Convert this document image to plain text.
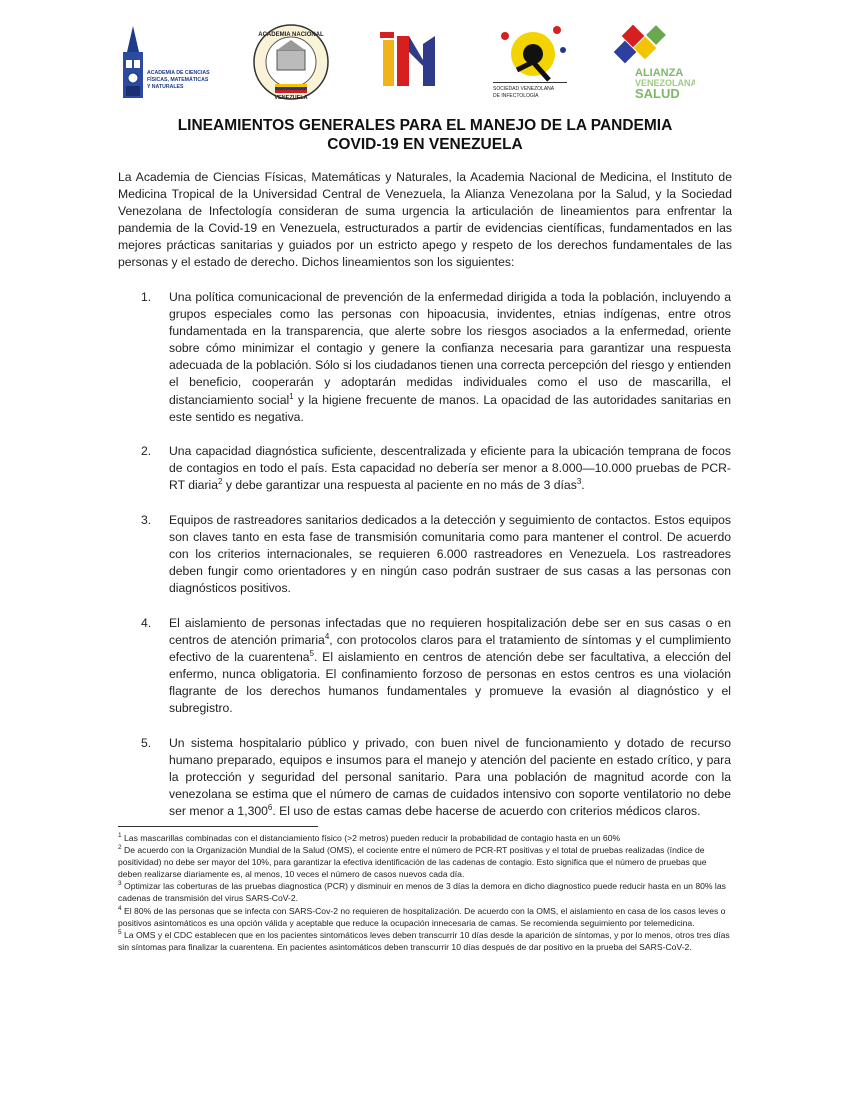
ACADEMIA DE CIENCIAS
FÍSICAS, MATEMÁTICAS
Y NATURALES
ACADEMIA NACIONAL
VENEZUELA
SOCIEDAD VENEZOLANA
DE INFECTOLOGÍA
ALIANZA
VENEZOLANA
SALUD
LINEAMIENTOS GENERALES PARA EL MANEJO DE LA PANDEMIA
COVID-19 EN VENEZUELA

La Academia de Ciencias Físicas, Matemáticas y Naturales, la Academia Nacional de Medicina, el Instituto de Medicina Tropical de la Universidad Central de Venezuela, la Alianza Venezolana por la Salud, y la Sociedad Venezolana de Infectología consideran de suma urgencia la articulación de lineamientos para enfrentar la pandemia de la Covid-19 en Venezuela, estructurados a partir de evidencias científicas, fundamentados en las mejores prácticas sanitarias y guiados por un estricto apego y respeto de los derechos fundamentales de las personas y el estado de derecho. Dichos lineamientos son los siguientes:

1. Una política comunicacional de prevención de la enfermedad dirigida a toda la población, incluyendo a grupos especiales como las personas con hipoacusia, invidentes, etnias indígenas, entre otros fundamentada en la transparencia, que alerte sobre los riesgos asociados a la enfermedad, oriente sobre cómo minimizar el contagio y genere la confianza necesaria para garantizar una respuesta adecuada de la población. Sólo si los ciudadanos tienen una correcta percepción del riesgo y entienden el beneficio, cooperarán y adoptarán medidas individuales como el uso de mascarilla, el distanciamiento social$^1$ y la higiene frecuente de manos. La opacidad de las autoridades sanitarias en este sentido es negativa.
2. Una capacidad diagnóstica suficiente, descentralizada y eficiente para la ubicación temprana de focos de contagios en todo el país. Esta capacidad no debería ser menor a 8.000—10.000 pruebas de PCR-RT diaria$^2$ y debe garantizar una respuesta al paciente en no más de 3 días$^3$.
3. Equipos de rastreadores sanitarios dedicados a la detección y seguimiento de contactos. Estos equipos son claves tanto en esta fase de transmisión comunitaria como para mantener el control. De acuerdo con los criterios internacionales, se requieren 6.000 rastreadores en Venezuela. Los rastreadores deben fungir como orientadores y en ningún caso podrán sustraer de sus casas a las personas con diagnósticos positivos.
4. El aislamiento de personas infectadas que no requieren hospitalización debe ser en sus casas o en centros de atención primaria$^4$, con protocolos claros para el tratamiento de síntomas y el cumplimiento efectivo de la cuarentena$^5$. El aislamiento en centros de atención debe ser facultativa, a elección del enfermo, nunca obligatoria. El confinamiento forzoso de personas en estos centros es una violación flagrante de los derechos humanos fundamentales y promueve la evasión al diagnóstico y el subregistro.
5. Un sistema hospitalario público y privado, con buen nivel de funcionamiento y dotado de recurso humano preparado, equipos e insumos para el manejo y atención del paciente en estado crítico, y para la protección y seguridad del personal sanitario. Para una población de magnitud acorde con la venezolana se estima que el número de camas de cuidados intensivo con soporte ventilatorio no debe ser menor a 1,300$^6$. El uso de estas camas debe hacerse de acuerdo con criterios médicos claros.

$^1$ Las mascarillas combinadas con el distanciamiento físico (>2 metros) pueden reducir la probabilidad de contagio hasta en un 60%

$^2$ De acuerdo con la Organización Mundial de la Salud (OMS), el cociente entre el número de PCR-RT positivas y el total de pruebas realizadas (índice de positividad) no debe ser mayor del 10%, para garantizar la efectiva identificación de las cadenas de contagio. Esto significa que el número de pruebas que deben realizarse diariamente es, al menos, 10 veces el número de casos nuevos cada día.

$^3$ Optimizar las coberturas de las pruebas diagnostica (PCR) y disminuir en menos de 3 días la demora en dicho diagnostico puede reducir hasta en un 80% las cadenas de transmisión del virus SARS-CoV-2.

$^4$ El 80% de las personas que se infecta con SARS-Cov-2 no requieren de hospitalización. De acuerdo con la OMS, el aislamiento en casa de los casos leves o positivos asintomáticos es una opción válida y aceptable que reduce la ocupación innecesaria de camas. Se recomienda seguimiento por telemedicina.

$^5$ La OMS y el CDC establecen que en los pacientes sintomáticos leves deben transcurrir 10 días desde la aparición de síntomas, y por lo menos, otros tres días sin síntomas para finalizar la cuarentena. En pacientes asintomáticos deben transcurrir 10 días después de dar positivo en la prueba del SARS-CoV-2.
